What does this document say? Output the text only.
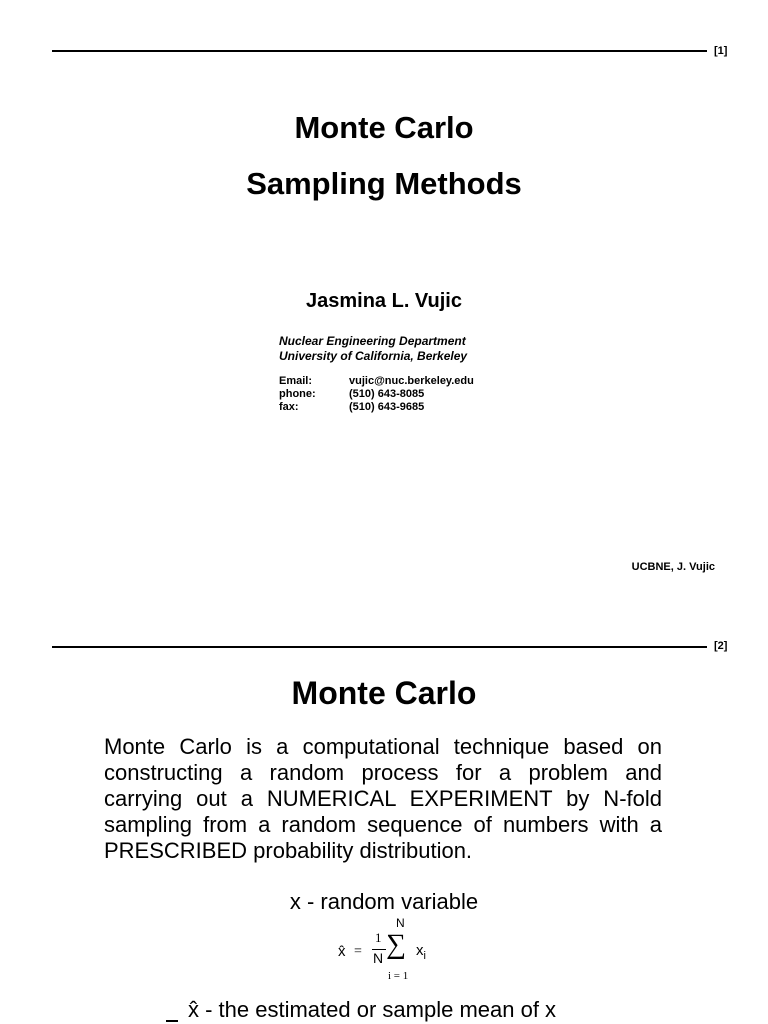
[1]
Monte Carlo
Sampling Methods
Jasmina L. Vujic
Nuclear Engineering Department
University of California, Berkeley
Email:	vujic@nuc.berkeley.edu
phone:	(510) 643-8085
fax:	(510) 643-9685
UCBNE, J. Vujic
[2]
Monte Carlo
Monte Carlo is a computational technique based on constructing a random process for a problem and carrying out a NUMERICAL EXPERIMENT by N-fold sampling from a random sequence of numbers with a PRESCRIBED probability distribution.
x - random variable
x̂ =
1
N ∑
N
i = 1
$x_i$
x̂ - the estimated or sample mean of x
